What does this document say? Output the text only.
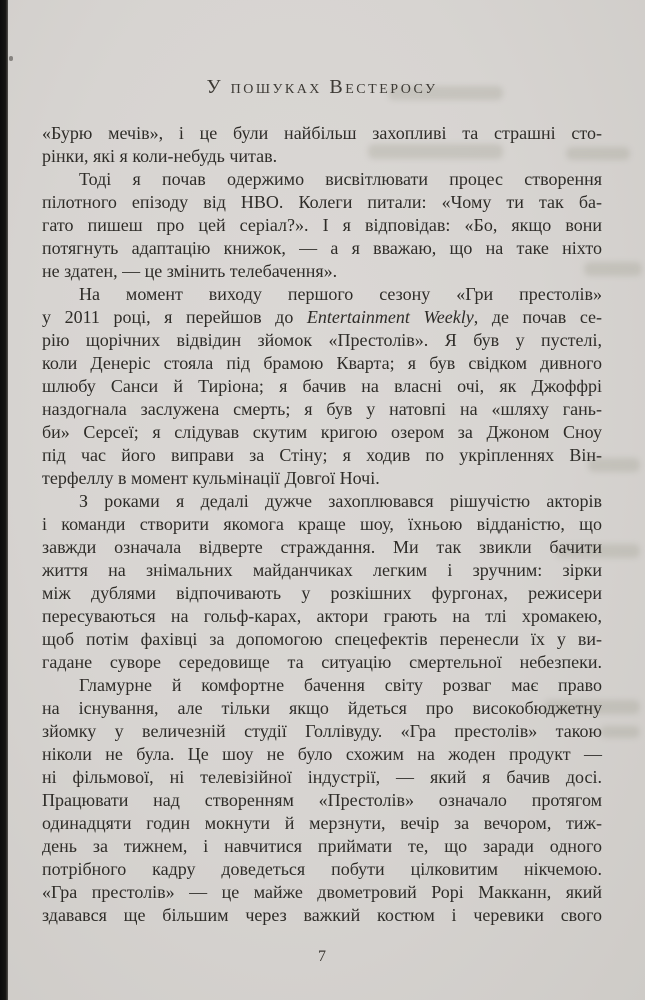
У пошуках Вестеросу
«Бурю мечів», і це були найбільш захопливі та страшні сто-
рінки, які я коли-небудь читав.
Тоді я почав одержимо висвітлювати процес створення
пілотного епізоду від HBO. Колеги питали: «Чому ти так ба-
гато пишеш про цей серіал?». І я відповідав: «Бо, якщо вони
потягнуть адаптацію книжок, — а я вважаю, що на таке ніхто
не здатен, — це змінить телебачення».
На момент виходу першого сезону «Гри престолів»
у 2011 році, я перейшов до Entertainment Weekly, де почав се-
рію щорічних відвідин зйомок «Престолів». Я був у пустелі,
коли Денеріс стояла під брамою Кварта; я був свідком дивного
шлюбу Санси й Тиріона; я бачив на власні очі, як Джоффрі
наздогнала заслужена смерть; я був у натовпі на «шляху гань-
би» Серсеї; я слідував скутим кригою озером за Джоном Сноу
під час його виправи за Стіну; я ходив по укріпленнях Він-
терфеллу в момент кульмінації Довгої Ночі.
З роками я дедалі дужче захоплювався рішучістю акторів
і команди створити якомога краще шоу, їхньою відданістю, що
завжди означала відверте страждання. Ми так звикли бачити
життя на знімальних майданчиках легким і зручним: зірки
між дублями відпочивають у розкішних фургонах, режисери
пересуваються на гольф-карах, актори грають на тлі хромакею,
щоб потім фахівці за допомогою спецефектів перенесли їх у ви-
гадане суворе середовище та ситуацію смертельної небезпеки.
Гламурне й комфортне бачення світу розваг має право
на існування, але тільки якщо йдеться про високобюджетну
зйомку у величезній студії Голлівуду. «Гра престолів» такою
ніколи не була. Це шоу не було схожим на жоден продукт —
ні фільмової, ні телевізійної індустрії, — який я бачив досі.
Працювати над створенням «Престолів» означало протягом
одинадцяти годин мокнути й мерзнути, вечір за вечором, тиж-
день за тижнем, і навчитися приймати те, що заради одного
потрібного кадру доведеться побути цілковитим нікчемою.
«Гра престолів» — це майже двометровий Рорі Макканн, який
здавався ще більшим через важкий костюм і черевики свого
7
